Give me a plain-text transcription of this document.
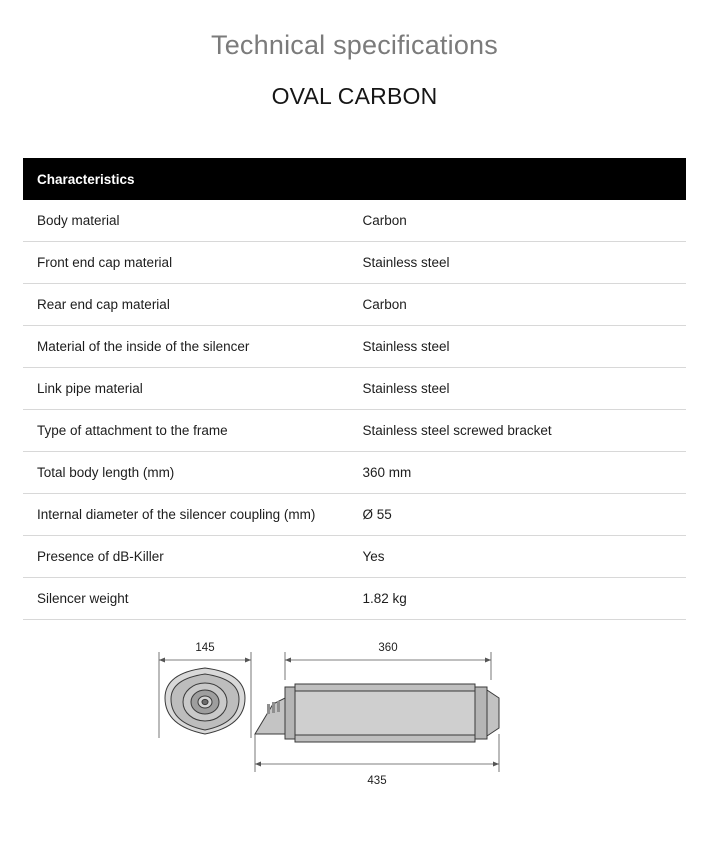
Technical specifications
OVAL CARBON
Characteristics	
Body material	Carbon
Front end cap material	Stainless steel
Rear end cap material	Carbon
Material of the inside of the silencer	Stainless steel
Link pipe material	Stainless steel
Type of attachment to the frame	Stainless steel screwed bracket
Total body length (mm)	360 mm
Internal diameter of the silencer coupling (mm)	Ø 55
Presence of dB-Killer	Yes
Silencer weight	1.82 kg
145	360
435
